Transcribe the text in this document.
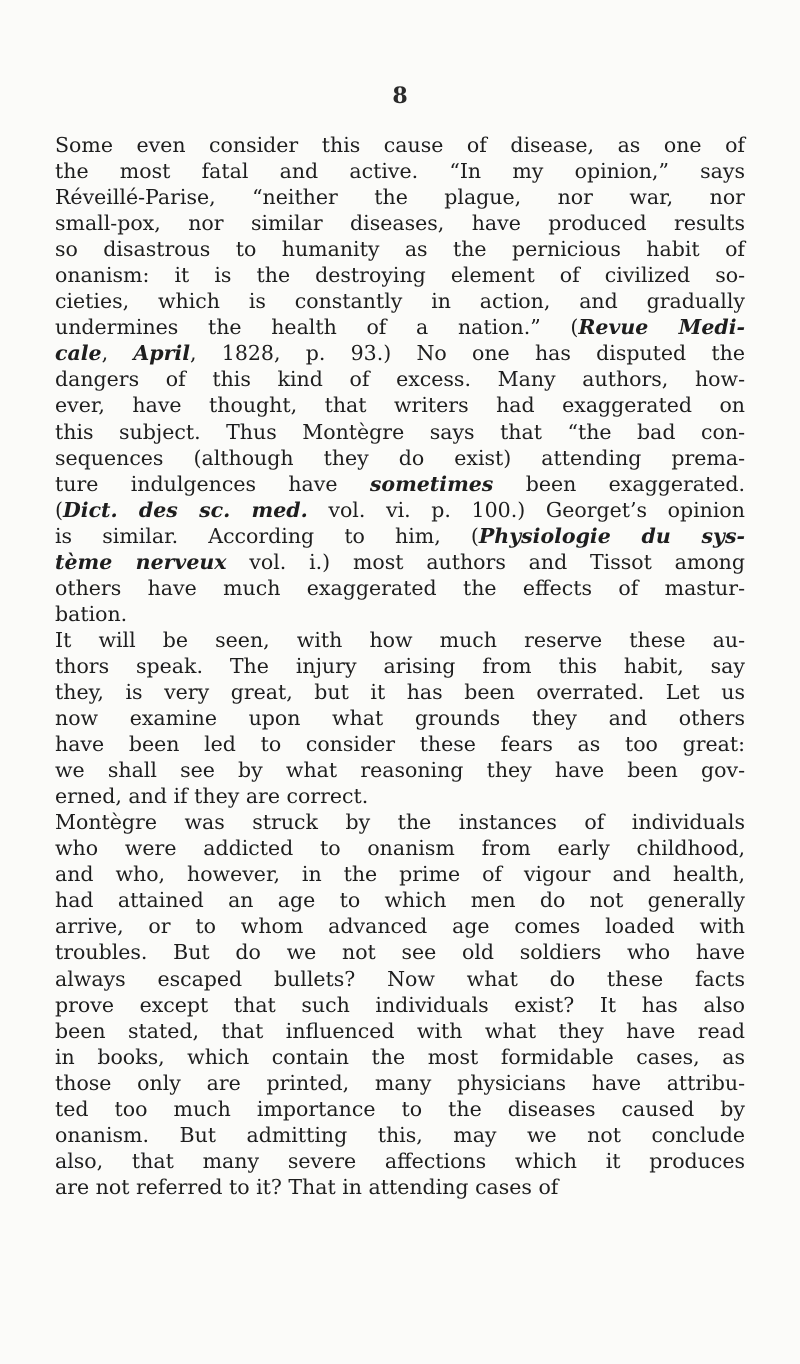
8
Some even consider this cause of disease, as one of
the most fatal and active. “In my opinion,” says
Réveillé-Parise, “neither the plague, nor war, nor
small-pox, nor similar diseases, have produced results
so disastrous to humanity as the pernicious habit of
onanism: it is the destroying element of civilized so-
cieties, which is constantly in action, and gradually
undermines the health of a nation.” (Revue Medi-
cale, April, 1828, p. 93.) No one has disputed the
dangers of this kind of excess. Many authors, how-
ever, have thought, that writers had exaggerated on
this subject. Thus Montègre says that “the bad con-
sequences (although they do exist) attending prema-
ture indulgences have sometimes been exaggerated.
(Dict. des sc. med. vol. vi. p. 100.) Georget’s opinion
is similar. According to him, (Physiologie du sys-
tème nerveux vol. i.) most authors and Tissot among
others have much exaggerated the effects of mastur-
bation.
It will be seen, with how much reserve these au-
thors speak. The injury arising from this habit, say
they, is very great, but it has been overrated. Let us
now examine upon what grounds they and others
have been led to consider these fears as too great:
we shall see by what reasoning they have been gov-
erned, and if they are correct.
Montègre was struck by the instances of individuals
who were addicted to onanism from early childhood,
and who, however, in the prime of vigour and health,
had attained an age to which men do not generally
arrive, or to whom advanced age comes loaded with
troubles. But do we not see old soldiers who have
always escaped bullets? Now what do these facts
prove except that such individuals exist? It has also
been stated, that influenced with what they have read
in books, which contain the most formidable cases, as
those only are printed, many physicians have attribu-
ted too much importance to the diseases caused by
onanism. But admitting this, may we not conclude
also, that many severe affections which it produces
are not referred to it? That in attending cases of
